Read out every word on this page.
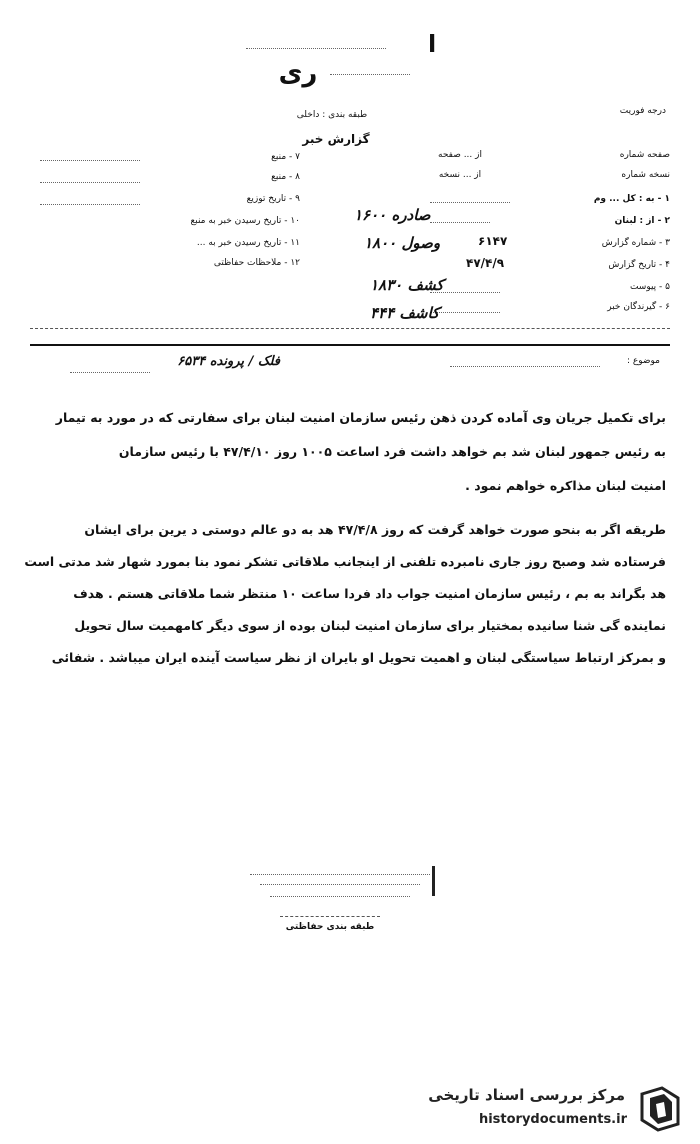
ا
ری
درجه فوریت
طبقه بندی : داخلی
گزارش خبر
۷ - منبع
۸ - منبع
۹ - تاریخ توزیع
۱۰ - تاریخ رسیدن خبر به منبع
۱۱ - تاریخ رسیدن خبر به ...
۱۲ - ملاحظات حفاظتی
صفحه شماره
نسخه شماره
۱ - به : کل ... وم
۲ - از : لبنان
۳ - شماره گزارش
۴ - تاریخ گزارش
۵ - پیوست
۶ - گیرندگان خبر
از ... صفحه
از ... نسخه
۶۱۴۷
۴۷/۴/۹
صادره ۱۶۰۰
وصول ۱۸۰۰
کشف ۱۸۳۰
کاشف ۴۴۴
موضوع :
فلک / پرونده ۶۵۳۴
برای تکمیل جریان وی آماده کردن ذهن رئیس سازمان امنیت لبنان برای سفارتی که در مورد به تیمار
به رئیس جمهور لبنان شد بم خواهد داشت فرد اساعت ۱۰۰۵ روز ۴۷/۴/۱۰ با رئیس سازمان
امنیت لبنان مذاکره خواهم نمود .
طریقه اگر به بنحو صورت خواهد گرفت که روز ۴۷/۴/۸ هد به دو عالم دوستی د یرین برای ایشان
فرستاده شد وصبح روز جاری نامبرده تلفنی از اینجانب ملاقاتی تشکر نمود بنا بمورد شهار شد مدتی است
هد بگراند به بم ، رئیس سازمان امنیت جواب داد فردا ساعت ۱۰ منتظر شما ملاقاتی هستم . هدف
نماینده گی شنا سانیده بمختیار برای سازمان امنیت لبنان بوده از سوی دیگر کامهمیت سال تحویل
و بمرکز ارتباط سیاستگی لبنان و اهمیت تحویل او بایران از نظر سیاست آینده ایران میباشد . شفائی
طبقه بندی حفاظتی
مرکز بررسی اسناد تاریخی
historydocuments.ir
